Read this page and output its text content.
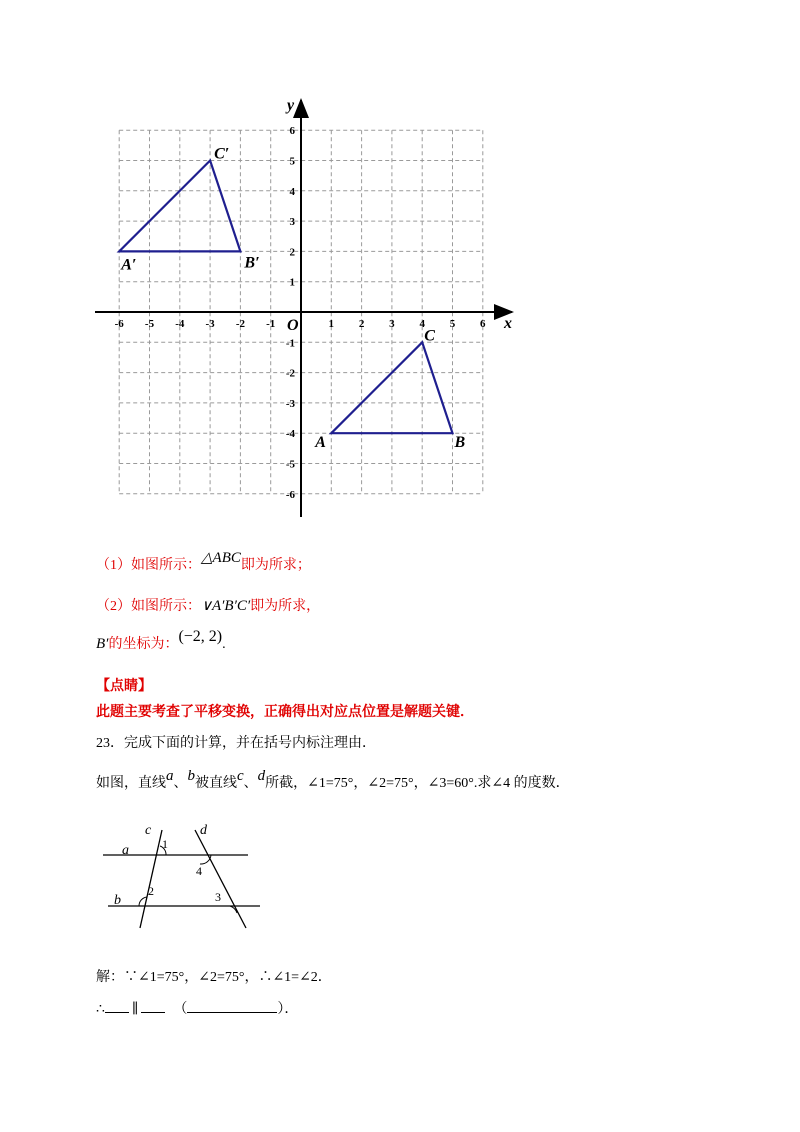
-6 -5 -4 -3 -2 -1	1 2 3 4 5 6
6
5
4
3
2
1
-1
-2
-3
-4
-5
-6
x
y
O
A′	B′
C′
A	B
C
（1）如图所示：△ABC即为所求；
（2）如图所示：∨A′B′C′即为所求，
B′的坐标为：(−2, 2).
【点睛】
此题主要考查了平移变换，正确得出对应点位置是解题关键．
23．完成下面的计算，并在括号内标注理由．
如图，直线a、b被直线c、d所截，∠1=75°，∠2=75°，∠3=60°.求∠4 的度数．
a
b
c	d
1
2	3
4
解：∵∠1=75°，∠2=75°，∴∠1=∠2．
∴ ∥	（	）．
